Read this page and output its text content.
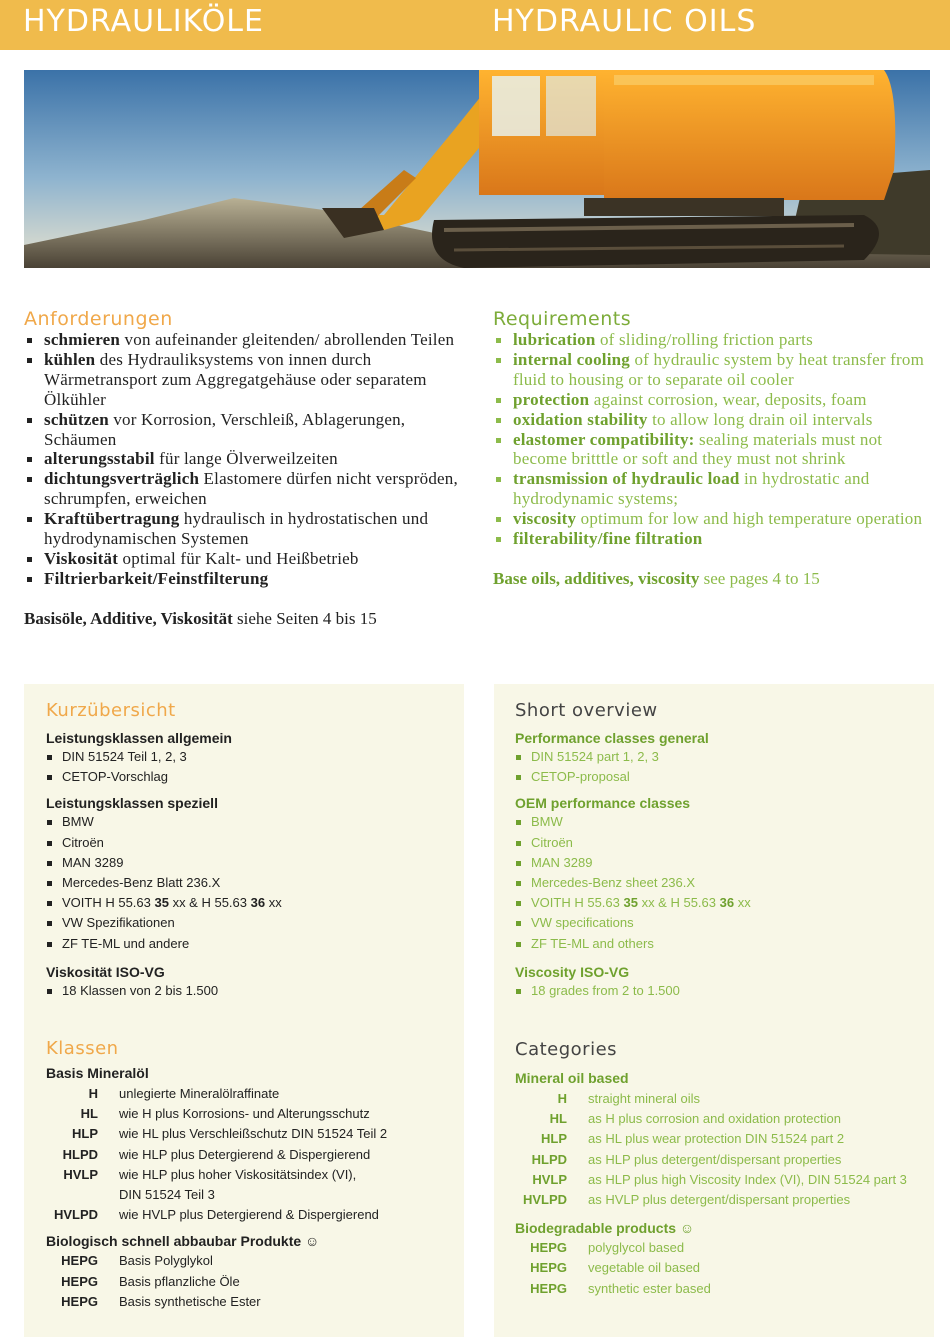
HYDRAULIKÖLE	HYDRAULIC OILS
Anforderungen
schmieren von aufeinander gleitenden/ abrollenden Teilen
kühlen des Hydrauliksystems von innen durch Wärmetransport zum Aggregatgehäuse oder separatem Ölkühler
schützen vor Korrosion, Verschleiß, Ablagerungen, Schäumen
alterungsstabil für lange Ölverweilzeiten
dichtungsverträglich Elastomere dürfen nicht verspröden, schrumpfen, erweichen
Kraftübertragung hydraulisch in hydrostatischen und hydrodynamischen Systemen
Viskosität optimal für Kalt- und Heißbetrieb
Filtrierbarkeit/Feinstfilterung
Basisöle, Additive, Viskosität siehe Seiten 4 bis 15
Requirements
lubrication of sliding/rolling friction parts
internal cooling of hydraulic system by heat transfer from fluid to housing or to separate oil cooler
protection against corrosion, wear, deposits, foam
oxidation stability to allow long drain oil intervals
elastomer compatibility: sealing materials must not become britttle or soft and they must not shrink
transmission of hydraulic load in hydrostatic and hydrodynamic systems;
viscosity optimum for low and high temperature operation
filterability/fine filtration
Base oils, additives, viscosity see pages 4 to 15
Kurzübersicht
Leistungsklassen allgemein
DIN 51524 Teil 1, 2, 3
CETOP-Vorschlag
Leistungsklassen speziell
BMW
Citroën
MAN 3289
Mercedes-Benz Blatt 236.X
VOITH H 55.63 35 xx & H 55.63 36 xx
VW Spezifikationen
ZF TE-ML und andere
Viskosität ISO-VG
18 Klassen von 2 bis 1.500
Klassen
Basis Mineralöl
H	unlegierte Mineralölraffinate
HL	wie H plus Korrosions- und Alterungsschutz
HLP	wie HL plus Verschleißschutz DIN 51524 Teil 2
HLPD	wie HLP plus Detergierend & Dispergierend
HVLP	wie HLP plus hoher Viskositätsindex (VI),
DIN 51524 Teil 3
HVLPD	wie HVLP plus Detergierend & Dispergierend
Biologisch schnell abbaubar Produkte ☺
HEPG	Basis Polyglykol
HEPG	Basis pflanzliche Öle
HEPG	Basis synthetische Ester
Short overview
Performance classes general
DIN 51524 part 1, 2, 3
CETOP-proposal
OEM performance classes
BMW
Citroën
MAN 3289
Mercedes-Benz sheet 236.X
VOITH H 55.63 35 xx & H 55.63 36 xx
VW specifications
ZF TE-ML and others
Viscosity ISO-VG
18 grades from 2 to 1.500
Categories
Mineral oil based
H	straight mineral oils
HL	as H plus corrosion and oxidation protection
HLP	as HL plus wear protection DIN 51524 part 2
HLPD	as HLP plus detergent/dispersant properties
HVLP	as HLP plus high Viscosity Index (VI), DIN 51524 part 3
HVLPD	as HVLP plus detergent/dispersant properties
Biodegradable products ☺
HEPG	polyglycol based
HEPG	vegetable oil based
HEPG	synthetic ester based
